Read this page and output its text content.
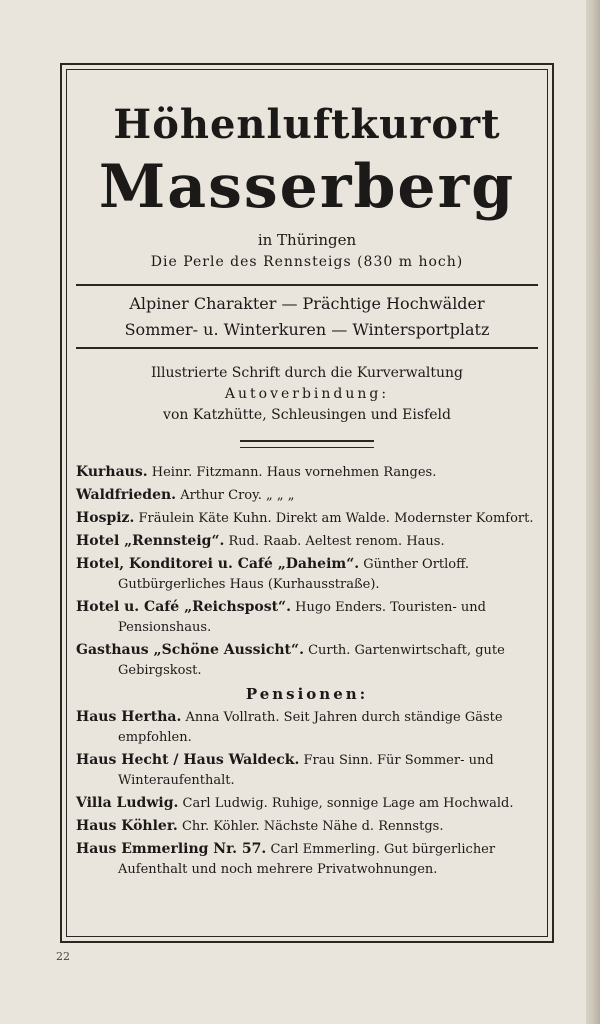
Höhenluftkurort
Masserberg
in Thüringen
Die Perle des Rennsteigs (830 m hoch)
Alpiner Charakter — Prächtige Hochwälder
Sommer- u. Winterkuren — Wintersportplatz
Illustrierte Schrift durch die Kurverwaltung
Autoverbindung:
von Katzhütte, Schleusingen und Eisfeld
Kurhaus. Heinr. Fitzmann. Haus vornehmen Ranges.
Waldfrieden. Arthur Croy. „ „ „
Hospiz. Fräulein Käte Kuhn. Direkt am Walde. Modernster Komfort.
Hotel „Rennsteig“. Rud. Raab. Aeltest renom. Haus.
Hotel, Konditorei u. Café „Daheim“. Günther Ortloff. Gutbürgerliches Haus (Kurhausstraße).
Hotel u. Café „Reichspost“. Hugo Enders. Touristen- und Pensionshaus.
Gasthaus „Schöne Aussicht“. Curth. Gartenwirtschaft, gute Gebirgskost.
Pensionen:
Haus Hertha. Anna Vollrath. Seit Jahren durch ständige Gäste empfohlen.
Haus Hecht / Haus Waldeck. Frau Sinn. Für Sommer- und Winteraufenthalt.
Villa Ludwig. Carl Ludwig. Ruhige, sonnige Lage am Hochwald.
Haus Köhler. Chr. Köhler. Nächste Nähe d. Rennstgs.
Haus Emmerling Nr. 57. Carl Emmerling. Gut bürgerlicher Aufenthalt und noch mehrere Privatwohnungen.
22
